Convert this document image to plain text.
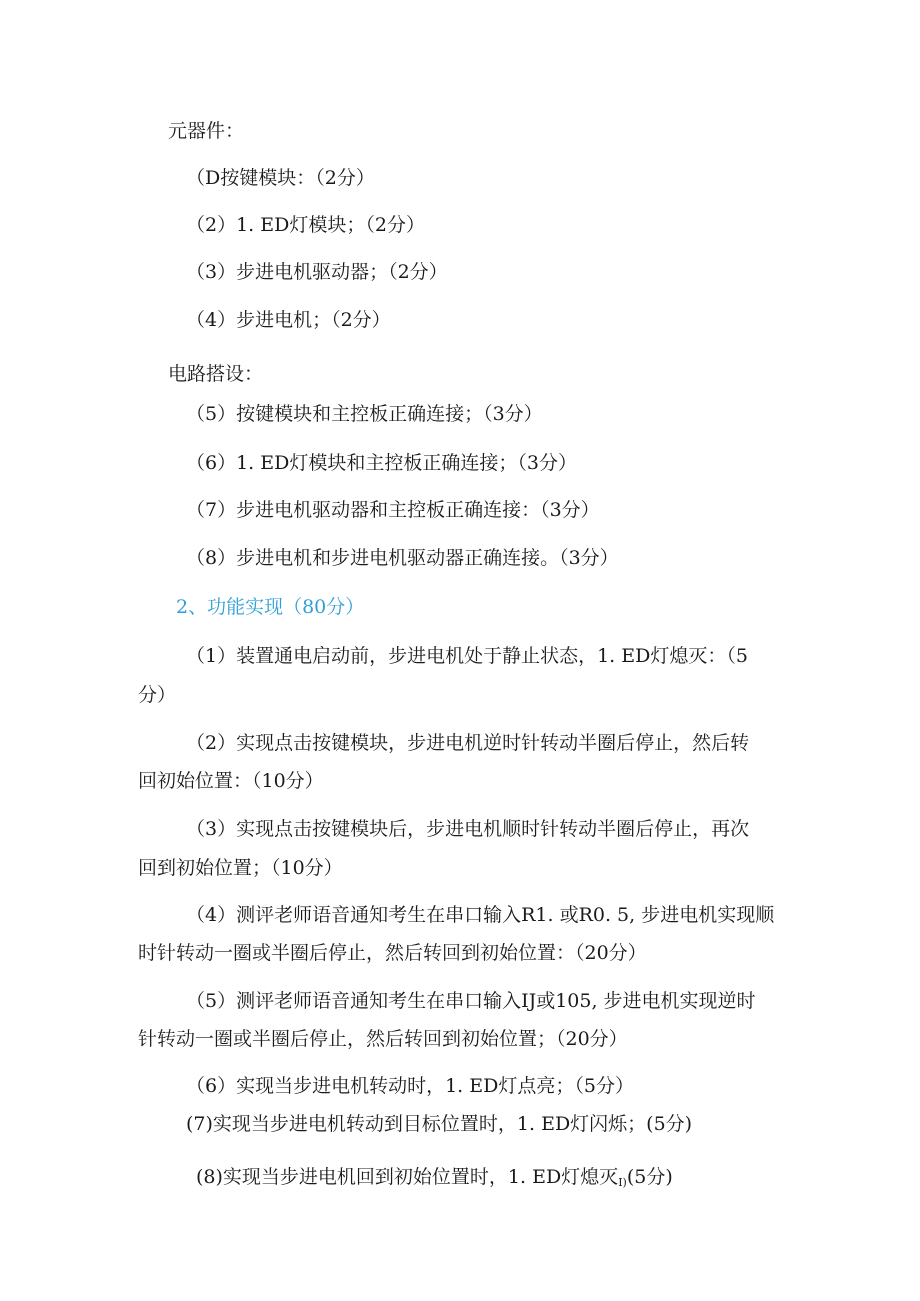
元器件：
（D按键模块：（2分）
（2）1. ED灯模块；（2分）
（3）步进电机驱动器；（2分）
（4）步进电机；（2分）
电路搭设：
（5）按键模块和主控板正确连接；（3分）
（6）1. ED灯模块和主控板正确连接；（3分）
（7）步进电机驱动器和主控板正确连接：（3分）
（8）步进电机和步进电机驱动器正确连接。（3分）
2、功能实现（80分）
（1）装置通电启动前，步进电机处于静止状态，1. ED灯熄灭：（5
分）
（2）实现点击按键模块，步进电机逆时针转动半圈后停止，然后转
回初始位置：（10分）
（3）实现点击按键模块后，步进电机顺时针转动半圈后停止，再次
回到初始位置；（10分）
（4）测评老师语音通知考生在串口输入R1. 或R0. 5, 步进电机实现顺
时针转动一圈或半圈后停止，然后转回到初始位置：（20分）
（5）测评老师语音通知考生在串口输入IJ或105, 步进电机实现逆时
针转动一圈或半圈后停止，然后转回到初始位置；（20分）
（6）实现当步进电机转动时，1. ED灯点亮；（5分）
(7)实现当步进电机转动到目标位置时，1. ED灯闪烁；(5分)
(8)实现当步进电机回到初始位置时，1. ED灯熄灭$_{I)}$(5分)
